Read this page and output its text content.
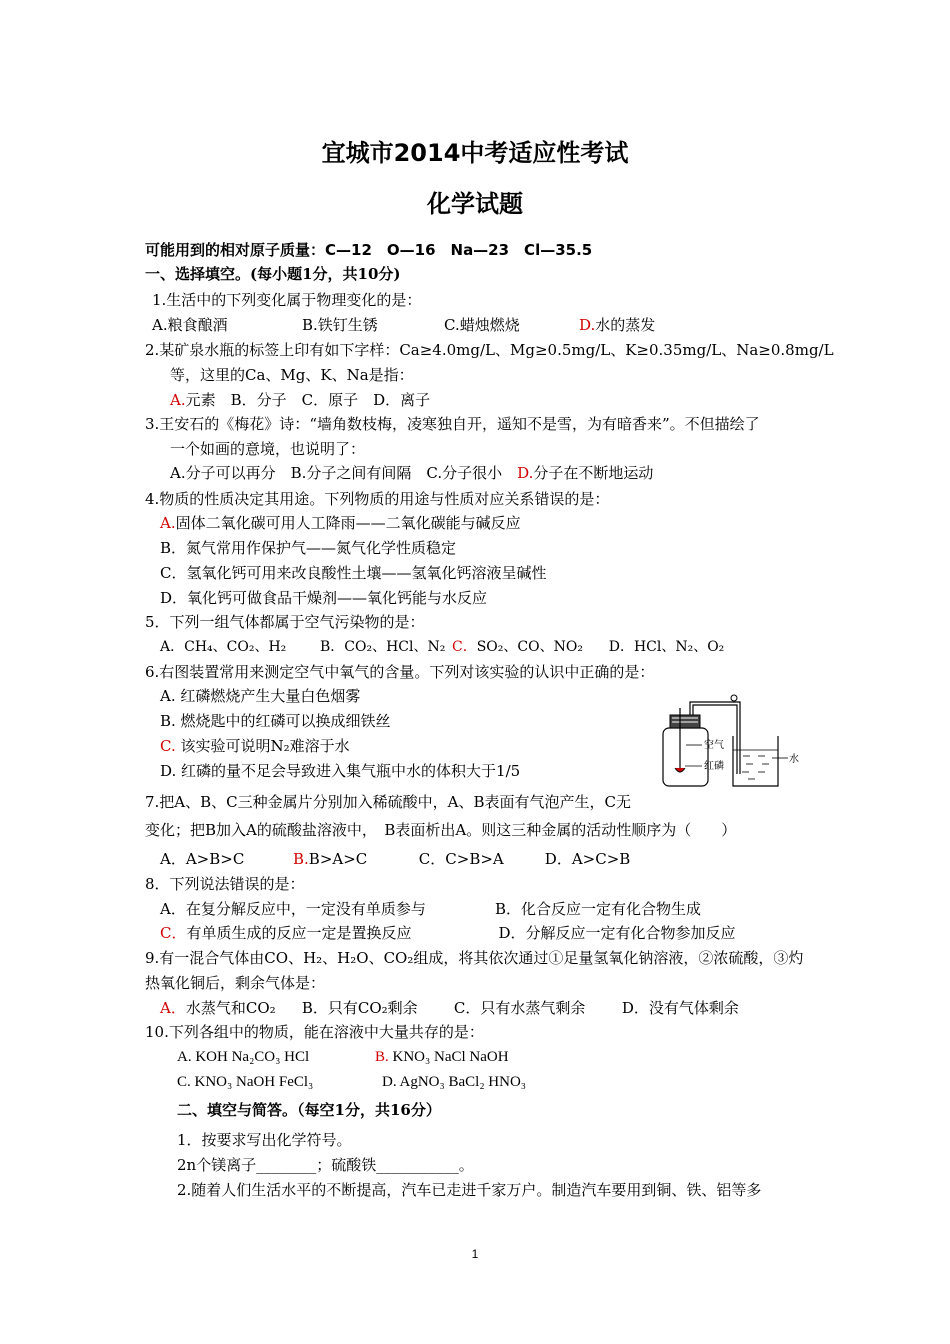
宜城市2014中考适应性考试
化学试题
可能用到的相对原子质量：C—12　O—16　Na—23　Cl—35.5
一、选择填空。(每小题1分，共10分)
1.生活中的下列变化属于物理变化的是：
A.粮食酿酒	B.铁钉生锈	C.蜡烛燃烧	D.水的蒸发
2.某矿泉水瓶的标签上印有如下字样：Ca≥4.0mg/L、Mg≥0.5mg/L、K≥0.35mg/L、Na≥0.8mg/L
等，这里的Ca、Mg、K、Na是指：
A.元素　B．分子　C．原子　D．离子
3.王安石的《梅花》诗：“墙角数枝梅，凌寒独自开，遥知不是雪，为有暗香来”。不但描绘了
一个如画的意境，也说明了：
A.分子可以再分　B.分子之间有间隔　C.分子很小　D.分子在不断地运动
4.物质的性质决定其用途。下列物质的用途与性质对应关系错误的是：
A.固体二氧化碳可用人工降雨——二氧化碳能与碱反应
B．氮气常用作保护气——氮气化学性质稳定
C．氢氧化钙可用来改良酸性土壤——氢氧化钙溶液呈碱性
D．氧化钙可做食品干燥剂——氧化钙能与水反应
5．下列一组气体都属于空气污染物的是：
A．CH₄、CO₂、H₂ B．CO₂、HCl、N₂ C．SO₂、CO、NO₂ D．HCl、N₂、O₂
6.右图装置常用来测定空气中氧气的含量。下列对该实验的认识中正确的是：
A. 红磷燃烧产生大量白色烟雾
B. 燃烧匙中的红磷可以换成细铁丝
C. 该实验可说明N₂难溶于水
D. 红磷的量不足会导致进入集气瓶中水的体积大于1/5
空气
红磷
水
7.把A、B、C三种金属片分别加入稀硫酸中，A、B表面有气泡产生，C无
变化；把B加入A的硫酸盐溶液中，　B表面析出A。则这三种金属的活动性顺序为（　　）
A．A>B>C	B.B>A>C	C．C>B>A	D．A>C>B
8．下列说法错误的是：
A．在复分解反应中，一定没有单质参与	B．化合反应一定有化合物生成
C．有单质生成的反应一定是置换反应	D．分解反应一定有化合物参加反应
9.有一混合气体由CO、H₂、H₂O、CO₂组成，将其依次通过①足量氢氧化钠溶液，②浓硫酸，③灼
热氧化铜后，剩余气体是：
A．水蒸气和CO₂ B．只有CO₂剩余 C．只有水蒸气剩余 D．没有气体剩余
10.下列各组中的物质，能在溶液中大量共存的是：
A. KOH Na₂CO₃ HCl	B. KNO₃ NaCl NaOH
C. KNO₃ NaOH FeCl₃	D. AgNO₃ BaCl₂ HNO₃
二、填空与简答。（每空1分，共16分）
1．按要求写出化学符号。
2n个镁离子________；硫酸铁___________。
2.随着人们生活水平的不断提高，汽车已走进千家万户。制造汽车要用到铜、铁、铝等多
1
